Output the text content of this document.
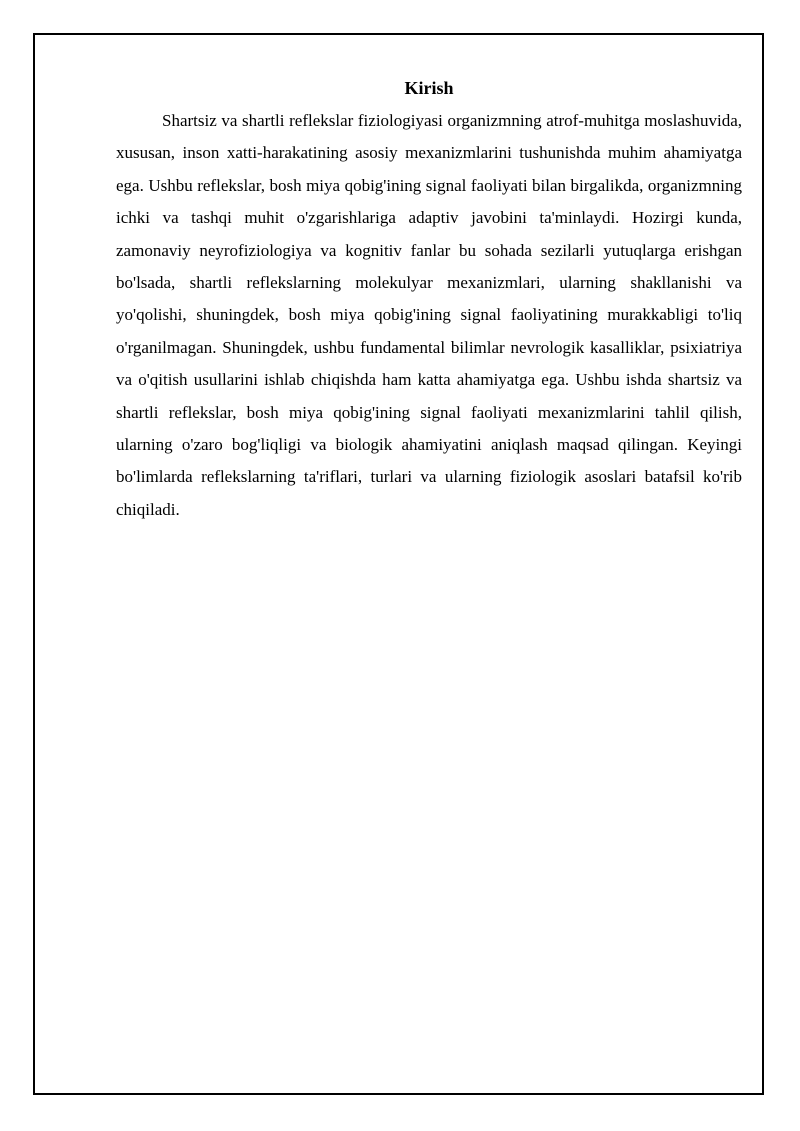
Kirish

Shartsiz va shartli reflekslar fiziologiyasi organizmning atrof-muhitga moslashuvida, xususan, inson xatti-harakatining asosiy mexanizmlarini tushunishda muhim ahamiyatga ega. Ushbu reflekslar, bosh miya qobig'ining signal faoliyati bilan birgalikda, organizmning ichki va tashqi muhit o'zgarishlariga adaptiv javobini ta'minlaydi. Hozirgi kunda, zamonaviy neyrofiziologiya va kognitiv fanlar bu sohada sezilarli yutuqlarga erishgan bo'lsada, shartli reflekslarning molekulyar mexanizmlari, ularning shakllanishi va yo'qolishi, shuningdek, bosh miya qobig'ining signal faoliyatining murakkabligi to'liq o'rganilmagan. Shuningdek, ushbu fundamental bilimlar nevrologik kasalliklar, psixiatriya va o'qitish usullarini ishlab chiqishda ham katta ahamiyatga ega. Ushbu ishda shartsiz va shartli reflekslar, bosh miya qobig'ining signal faoliyati mexanizmlarini tahlil qilish, ularning o'zaro bog'liqligi va biologik ahamiyatini aniqlash maqsad qilingan. Keyingi bo'limlarda reflekslarning ta'riflari, turlari va ularning fiziologik asoslari batafsil ko'rib chiqiladi.
